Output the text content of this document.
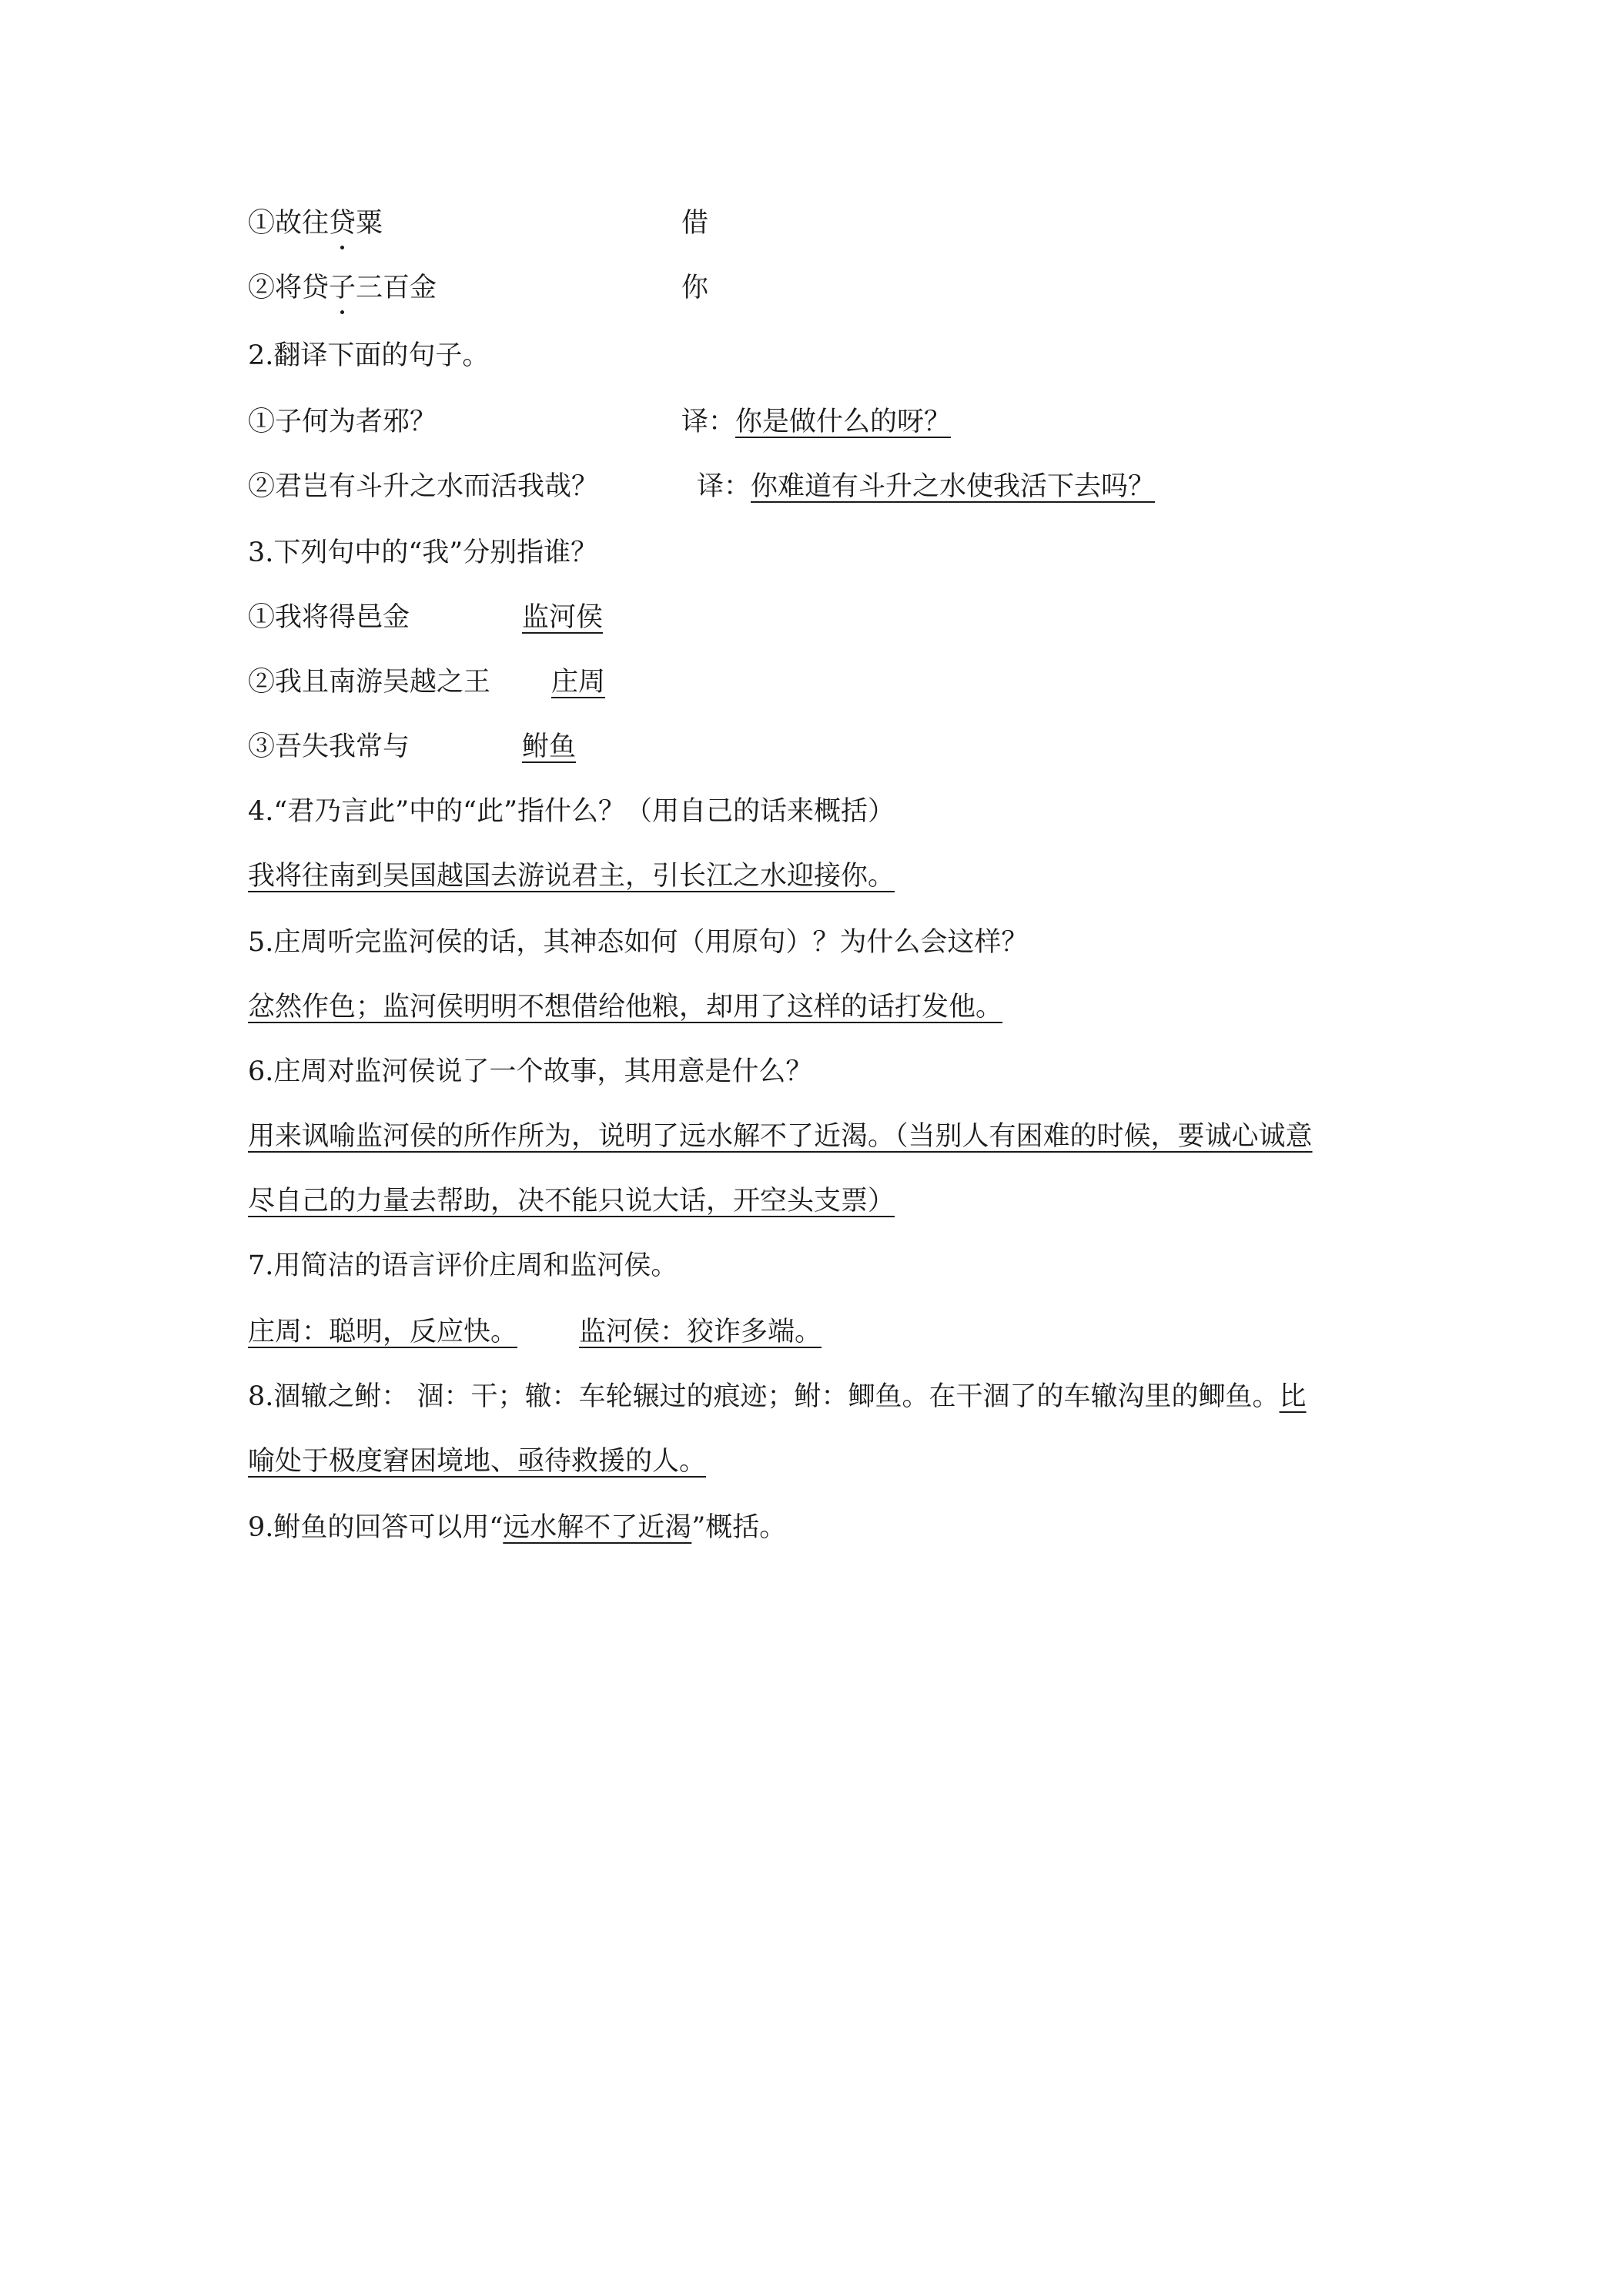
①故往贷粟	借
②将贷子三百金	你
2.翻译下面的句子。
①子何为者邪？	译：你是做什么的呀？
②君岂有斗升之水而活我哉？	译：你难道有斗升之水使我活下去吗？
3.下列句中的“我”分别指谁？
①我将得邑金	监河侯
②我且南游吴越之王 庄周
③吾失我常与	鲋鱼
4.“君乃言此”中的“此”指什么？（用自己的话来概括）
我将往南到吴国越国去游说君主，引长江之水迎接你。
5.庄周听完监河侯的话，其神态如何（用原句）？为什么会这样？
忿然作色；监河侯明明不想借给他粮，却用了这样的话打发他。
6.庄周对监河侯说了一个故事，其用意是什么？
用来讽喻监河侯的所作所为，说明了远水解不了近渴。（当别人有困难的时候，要诚心诚意
尽自己的力量去帮助，决不能只说大话，开空头支票）
7.用简洁的语言评价庄周和监河侯。
庄周：聪明，反应快。 监河侯：狡诈多端。
8.涸辙之鲋： 涸：干；辙：车轮辗过的痕迹；鲋：鲫鱼。在干涸了的车辙沟里的鲫鱼。比
喻处于极度窘困境地、亟待救援的人。
9.鲋鱼的回答可以用“远水解不了近渴”概括。
